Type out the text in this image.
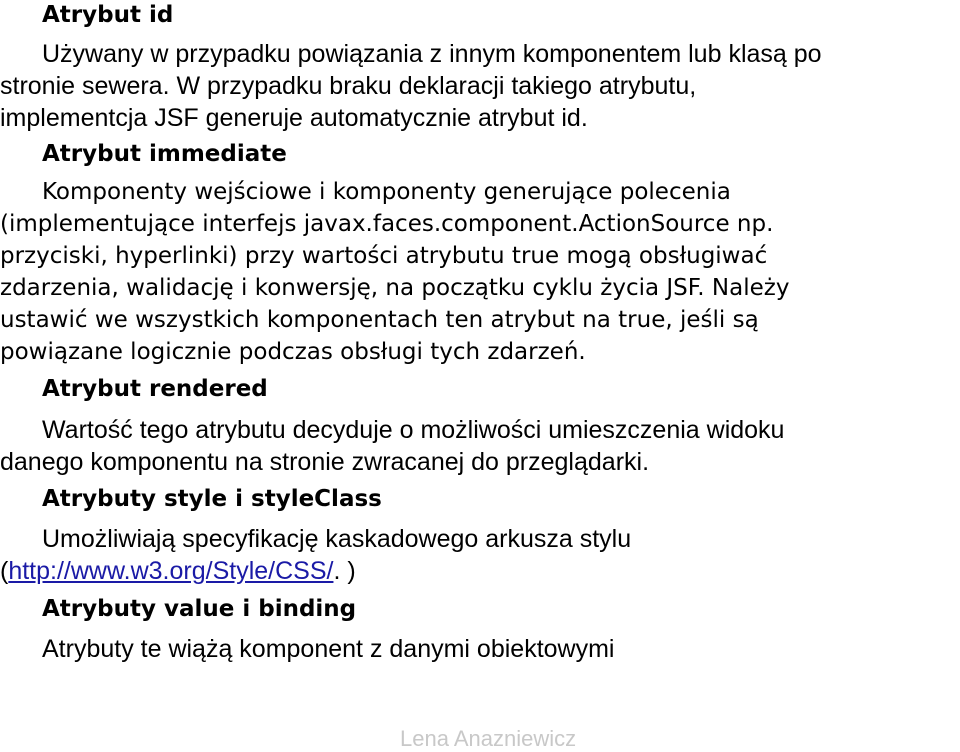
Atrybut id

Używany w przypadku powiązania z innym komponentem lub klasą po
stronie sewera. W przypadku braku deklaracji takiego atrybutu,
implementcja JSF generuje automatycznie atrybut id.

Atrybut immediate

Komponenty wejściowe i komponenty generujące polecenia
(implementujące interfejs javax.faces.component.ActionSource np.
przyciski, hyperlinki) przy wartości atrybutu true mogą obsługiwać
zdarzenia, walidację i konwersję, na początku cyklu życia JSF. Należy
ustawić we wszystkich komponentach ten atrybut na true, jeśli są
powiązane logicznie podczas obsługi tych zdarzeń.

Atrybut rendered

Wartość tego atrybutu decyduje o możliwości umieszczenia widoku
danego komponentu na stronie zwracanej do przeglądarki.

Atrybuty style i styleClass

Umożliwiają specyfikację kaskadowego arkusza stylu
(http://www.w3.org/Style/CSS/. )

Atrybuty value i binding

Atrybuty te wiążą komponent z danymi obiektowymi

Lena Anazniewicz
